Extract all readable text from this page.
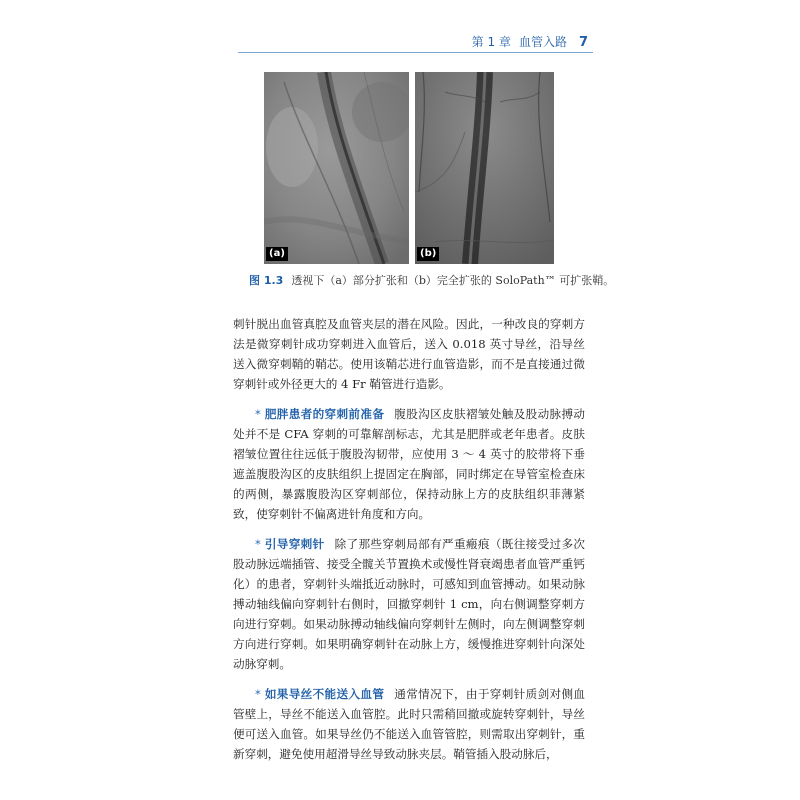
第 1 章 血管入路 7
(a)	(b)
图 1.3 透视下（a）部分扩张和（b）完全扩张的 SoloPath™ 可扩张鞘。

刺针脱出血管真腔及血管夹层的潜在风险。因此，一种改良的穿刺方法是微穿刺针成功穿刺进入血管后，送入 0.018 英寸导丝，沿导丝送入微穿刺鞘的鞘芯。使用该鞘芯进行血管造影，而不是直接通过微穿刺针或外径更大的 4 Fr 鞘管进行造影。

* 肥胖患者的穿刺前准备 腹股沟区皮肤褶皱处触及股动脉搏动处并不是 CFA 穿刺的可靠解剖标志，尤其是肥胖或老年患者。皮肤褶皱位置往往远低于腹股沟韧带，应使用 3 ～ 4 英寸的胶带将下垂遮盖腹股沟区的皮肤组织上提固定在胸部，同时绑定在导管室检查床的两侧，暴露腹股沟区穿刺部位，保持动脉上方的皮肤组织菲薄紧致，使穿刺针不偏离进针角度和方向。

* 引导穿刺针 除了那些穿刺局部有严重瘢痕（既往接受过多次股动脉远端插管、接受全髋关节置换术或慢性肾衰竭患者血管严重钙化）的患者，穿刺针头端抵近动脉时，可感知到血管搏动。如果动脉搏动轴线偏向穿刺针右侧时，回撤穿刺针 1 cm，向右侧调整穿刺方向进行穿刺。如果动脉搏动轴线偏向穿刺针左侧时，向左侧调整穿刺方向进行穿刺。如果明确穿刺针在动脉上方，缓慢推进穿刺针向深处动脉穿刺。

* 如果导丝不能送入血管 通常情况下，由于穿刺针质剑对侧血管壁上，导丝不能送入血管腔。此时只需稍回撤或旋转穿刺针，导丝便可送入血管。如果导丝仍不能送入血管管腔，则需取出穿刺针，重新穿刺，避免使用超滑导丝导致动脉夹层。鞘管插入股动脉后，
